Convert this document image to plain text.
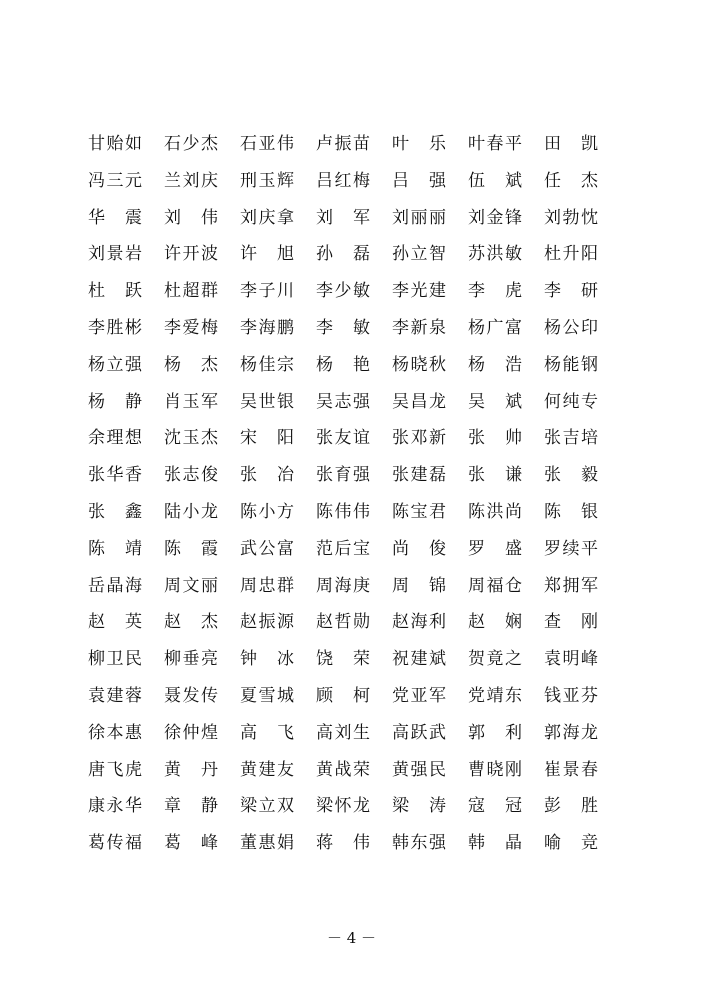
甘贻如 石少杰 石亚伟 卢振苗 叶　乐 叶春平 田　凯
冯三元 兰刘庆 刑玉辉 吕红梅 吕　强 伍　斌 任　杰
华　震 刘　伟 刘庆拿 刘　军 刘丽丽 刘金锋 刘勃忱
刘景岩 许开波 许　旭 孙　磊 孙立智 苏洪敏 杜升阳
杜　跃 杜超群 李子川 李少敏 李光建 李　虎 李　研
李胜彬 李爱梅 李海鹏 李　敏 李新泉 杨广富 杨公印
杨立强 杨　杰 杨佳宗 杨　艳 杨晓秋 杨　浩 杨能钢
杨　静 肖玉军 吴世银 吴志强 吴昌龙 吴　斌 何纯专
余理想 沈玉杰 宋　阳 张友谊 张邓新 张　帅 张吉培
张华香 张志俊 张　冶 张育强 张建磊 张　谦 张　毅
张　鑫 陆小龙 陈小方 陈伟伟 陈宝君 陈洪尚 陈　银
陈　靖 陈　霞 武公富 范后宝 尚　俊 罗　盛 罗续平
岳晶海 周文丽 周忠群 周海庚 周　锦 周福仓 郑拥军
赵　英 赵　杰 赵振源 赵哲勋 赵海利 赵　娴 查　刚
柳卫民 柳垂亮 钟　冰 饶　荣 祝建斌 贺竟之 袁明峰
袁建蓉 聂发传 夏雪城 顾　柯 党亚军 党靖东 钱亚芬
徐本惠 徐仲煌 高　飞 高刘生 高跃武 郭　利 郭海龙
唐飞虎 黄　丹 黄建友 黄战荣 黄强民 曹晓刚 崔景春
康永华 章　静 梁立双 梁怀龙 梁　涛 寇　冠 彭　胜
葛传福 葛　峰 董惠娟 蒋　伟 韩东强 韩　晶 喻　竞
－ 4 －
